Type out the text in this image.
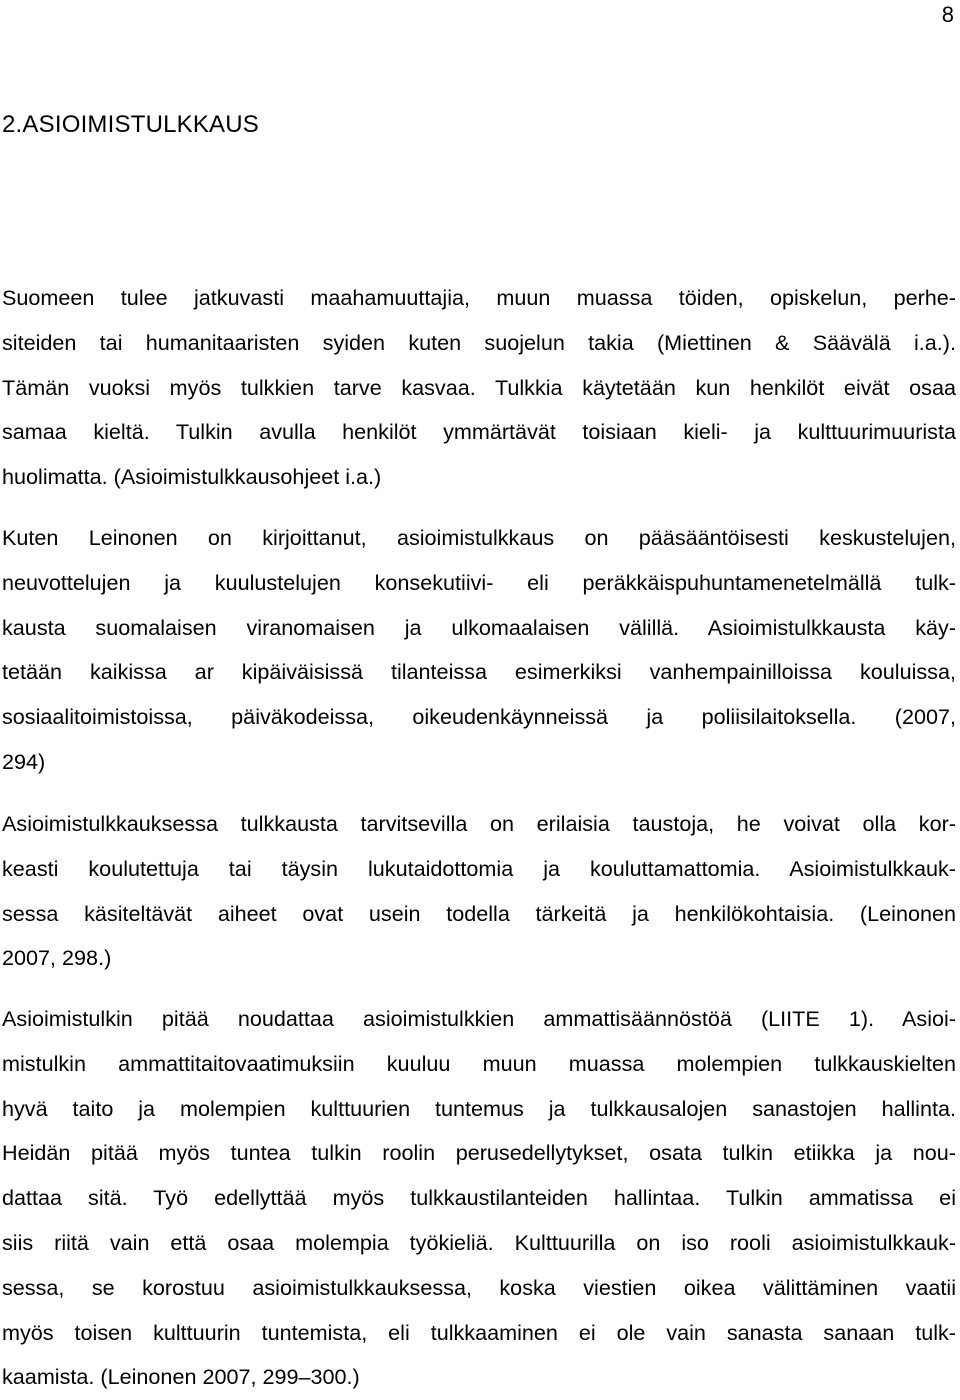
8
2.ASIOIMISTULKKAUS

Suomeen tulee jatkuvasti maahamuuttajia, muun muassa töiden, opiskelun, perhe-
siteiden tai humanitaaristen syiden kuten suojelun takia (Miettinen & Säävälä i.a.).
Tämän vuoksi myös tulkkien tarve kasvaa. Tulkkia käytetään kun henkilöt eivät osaa
samaa kieltä. Tulkin avulla henkilöt ymmärtävät toisiaan kieli- ja kulttuurimuurista
huolimatta. (Asioimistulkkausohjeet i.a.)

Kuten Leinonen on kirjoittanut, asioimistulkkaus on pääsääntöisesti keskustelujen,
neuvottelujen ja kuulustelujen konsekutiivi- eli peräkkäispuhuntamenetelmällä tulk-
kausta suomalaisen viranomaisen ja ulkomaalaisen välillä. Asioimistulkkausta käy-
tetään kaikissa ar kipäiväisissä tilanteissa esimerkiksi vanhempainilloissa kouluissa,
sosiaalitoimistoissa, päiväkodeissa, oikeudenkäynneissä ja poliisilaitoksella. (2007,
294)

Asioimistulkkauksessa tulkkausta tarvitsevilla on erilaisia taustoja, he voivat olla kor-
keasti koulutettuja tai täysin lukutaidottomia ja kouluttamattomia. Asioimistulkkauk-
sessa käsiteltävät aiheet ovat usein todella tärkeitä ja henkilökohtaisia. (Leinonen
2007, 298.)

Asioimistulkin pitää noudattaa asioimistulkkien ammattisäännöstöä (LIITE 1). Asioi-
mistulkin ammattitaitovaatimuksiin kuuluu muun muassa molempien tulkkauskielten
hyvä taito ja molempien kulttuurien tuntemus ja tulkkausalojen sanastojen hallinta.
Heidän pitää myös tuntea tulkin roolin perusedellytykset, osata tulkin etiikka ja nou-
dattaa sitä. Työ edellyttää myös tulkkaustilanteiden hallintaa. Tulkin ammatissa ei
siis riitä vain että osaa molempia työkieliä. Kulttuurilla on iso rooli asioimistulkkauk-
sessa, se korostuu asioimistulkkauksessa, koska viestien oikea välittäminen vaatii
myös toisen kulttuurin tuntemista, eli tulkkaaminen ei ole vain sanasta sanaan tulk-
kaamista. (Leinonen 2007, 299–300.)
